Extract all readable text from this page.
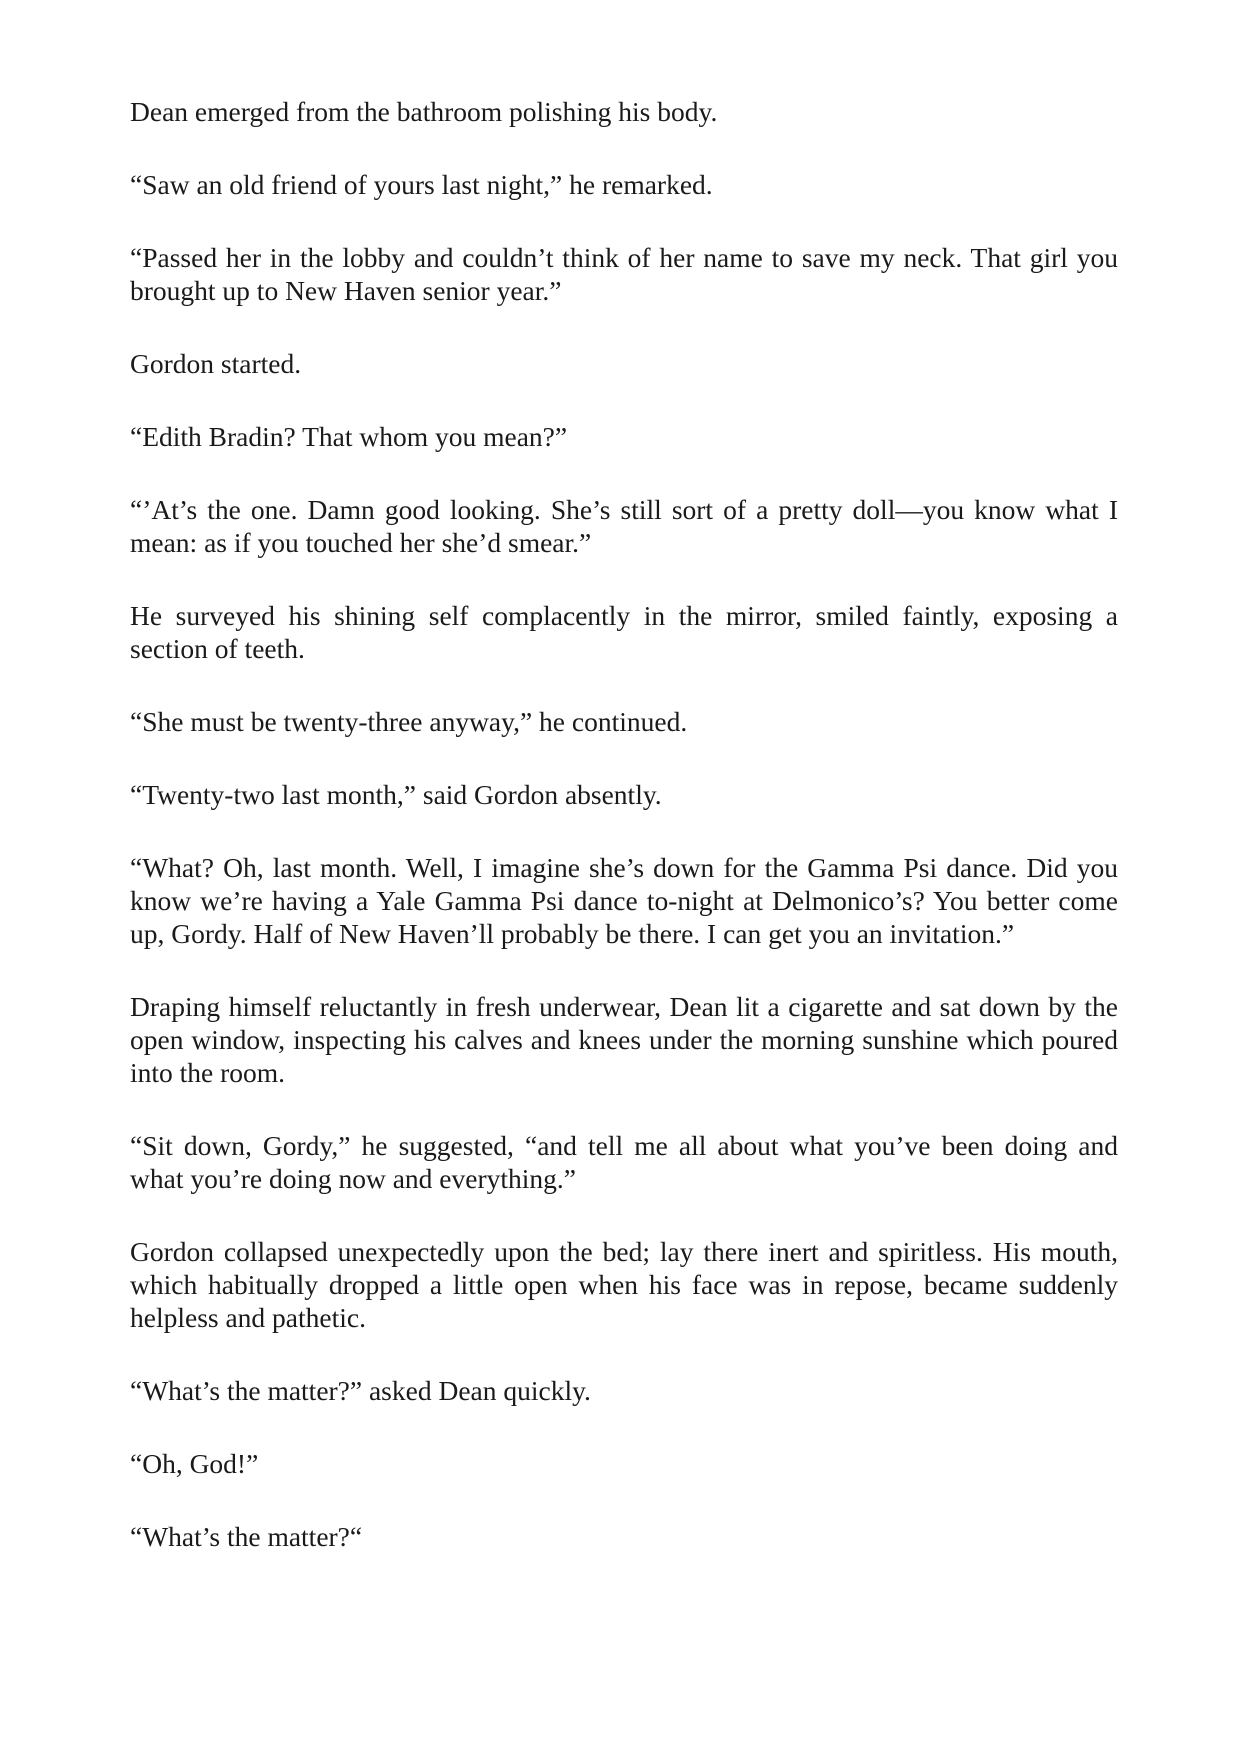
Dean emerged from the bathroom polishing his body.

“Saw an old friend of yours last night,” he remarked.

“Passed her in the lobby and couldn’t think of her name to save my neck. That girl you brought up to New Haven senior year.”

Gordon started.

“Edith Bradin? That whom you mean?”

“’At’s the one. Damn good looking. She’s still sort of a pretty doll—you know what I mean: as if you touched her she’d smear.”

He surveyed his shining self complacently in the mirror, smiled faintly, exposing a section of teeth.

“She must be twenty-three anyway,” he continued.

“Twenty-two last month,” said Gordon absently.

“What? Oh, last month. Well, I imagine she’s down for the Gamma Psi dance. Did you know we’re having a Yale Gamma Psi dance to-night at Delmonico’s? You better come up, Gordy. Half of New Haven’ll probably be there. I can get you an invitation.”

Draping himself reluctantly in fresh underwear, Dean lit a cigarette and sat down by the open window, inspecting his calves and knees under the morning sunshine which poured into the room.

“Sit down, Gordy,” he suggested, “and tell me all about what you’ve been doing and what you’re doing now and everything.”

Gordon collapsed unexpectedly upon the bed; lay there inert and spiritless. His mouth, which habitually dropped a little open when his face was in repose, became suddenly helpless and pathetic.

“What’s the matter?” asked Dean quickly.

“Oh, God!”

“What’s the matter?“
